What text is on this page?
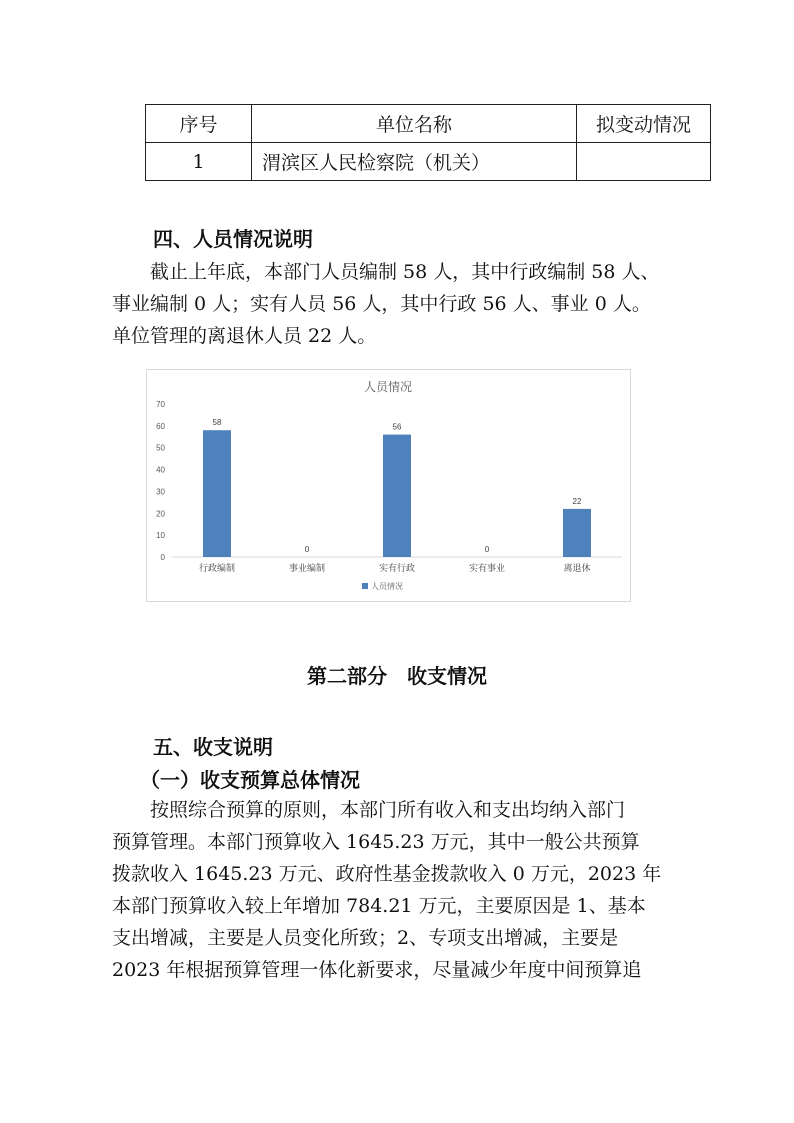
序号	单位名称	拟变动情况
1	渭滨区人民检察院（机关）	
四、人员情况说明
截止上年底，本部门人员编制 58 人，其中行政编制 58 人、
事业编制 0 人；实有人员 56 人，其中行政 56 人、事业 0 人。
单位管理的离退休人员 22 人。
人员情况
0
10
20
30
40
50
60
70
58
行政编制
0
事业编制
56
实有行政
0
实有事业
22
离退休
人员情况
第二部分　收支情况
五、收支说明
（一）收支预算总体情况
按照综合预算的原则，本部门所有收入和支出均纳入部门
预算管理。本部门预算收入 1645.23 万元，其中一般公共预算
拨款收入 1645.23 万元、政府性基金拨款收入 0 万元，2023 年
本部门预算收入较上年增加 784.21 万元，主要原因是 1、基本
支出增减，主要是人员变化所致；2、专项支出增减，主要是
2023 年根据预算管理一体化新要求，尽量减少年度中间预算追
